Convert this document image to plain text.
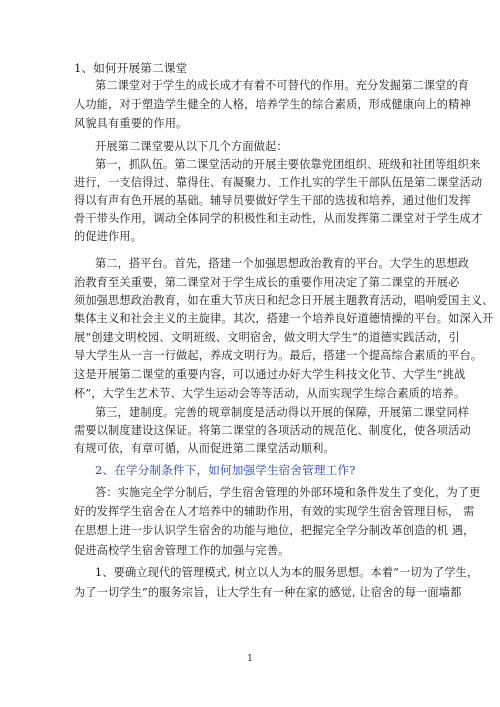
1、如何开展第二课堂
第二课堂对于学生的成长成才有着不可替代的作用。充分发掘第二课堂的育
人功能，对于塑造学生健全的人格，培养学生的综合素质，形成健康向上的精神
风貌具有重要的作用。
开展第二课堂要从以下几个方面做起：
第一，抓队伍。第二课堂活动的开展主要依靠党团组织、班级和社团等组织来
进行，一支信得过、靠得住、有凝聚力、工作扎实的学生干部队伍是第二课堂活动
得以有声有色开展的基础。辅导员要做好学生干部的选拔和培养，通过他们发挥
骨干带头作用，调动全体同学的积极性和主动性，从而发挥第二课堂对于学生成才
的促进作用。
第二，搭平台。首先，搭建一个加强思想政治教育的平台。大学生的思想政
治教育至关重要，第二课堂对于学生成长的重要作用决定了第二课堂的开展必
须加强思想政治教育，如在重大节庆日和纪念日开展主题教育活动，唱响爱国主义、
集体主义和社会主义的主旋律。其次，搭建一个培养良好道德情操的平台。如深入开
展“创建文明校园、文明班级、文明宿舍，做文明大学生”的道德实践活动，引
导大学生从一言一行做起，养成文明行为。最后，搭建一个提高综合素质的平台。
这是开展第二课堂的重要内容，可以通过办好大学生科技文化节、大学生“挑战
杯”，大学生艺术节、大学生运动会等等活动，从而实现学生综合素质的培养。
第三，建制度。完善的规章制度是活动得以开展的保障，开展第二课堂同样
需要以制度建设这保证。将第二课堂的各项活动的规范化、制度化，使各项活动
有规可依，有章可循，从而促进第二课堂活动顺利。
2、在学分制条件下，如何加强学生宿舍管理工作?
答：实施完全学分制后，学生宿舍管理的外部环境和条件发生了变化，为了更
好的发挥学生宿舍在人才培养中的辅助作用，有效的实现学生宿舍管理目标， 需
在思想上进一步认识学生宿舍的功能与地位，把握完全学分制改革创造的机 遇，
促进高校学生宿舍管理工作的加强与完善。
1、要确立现代的管理模式, 树立以人为本的服务思想。本着“一切为了学生，
为了一切学生”的服务宗旨，让大学生有一种在家的感觉, 让宿舍的每一面墙都
1
